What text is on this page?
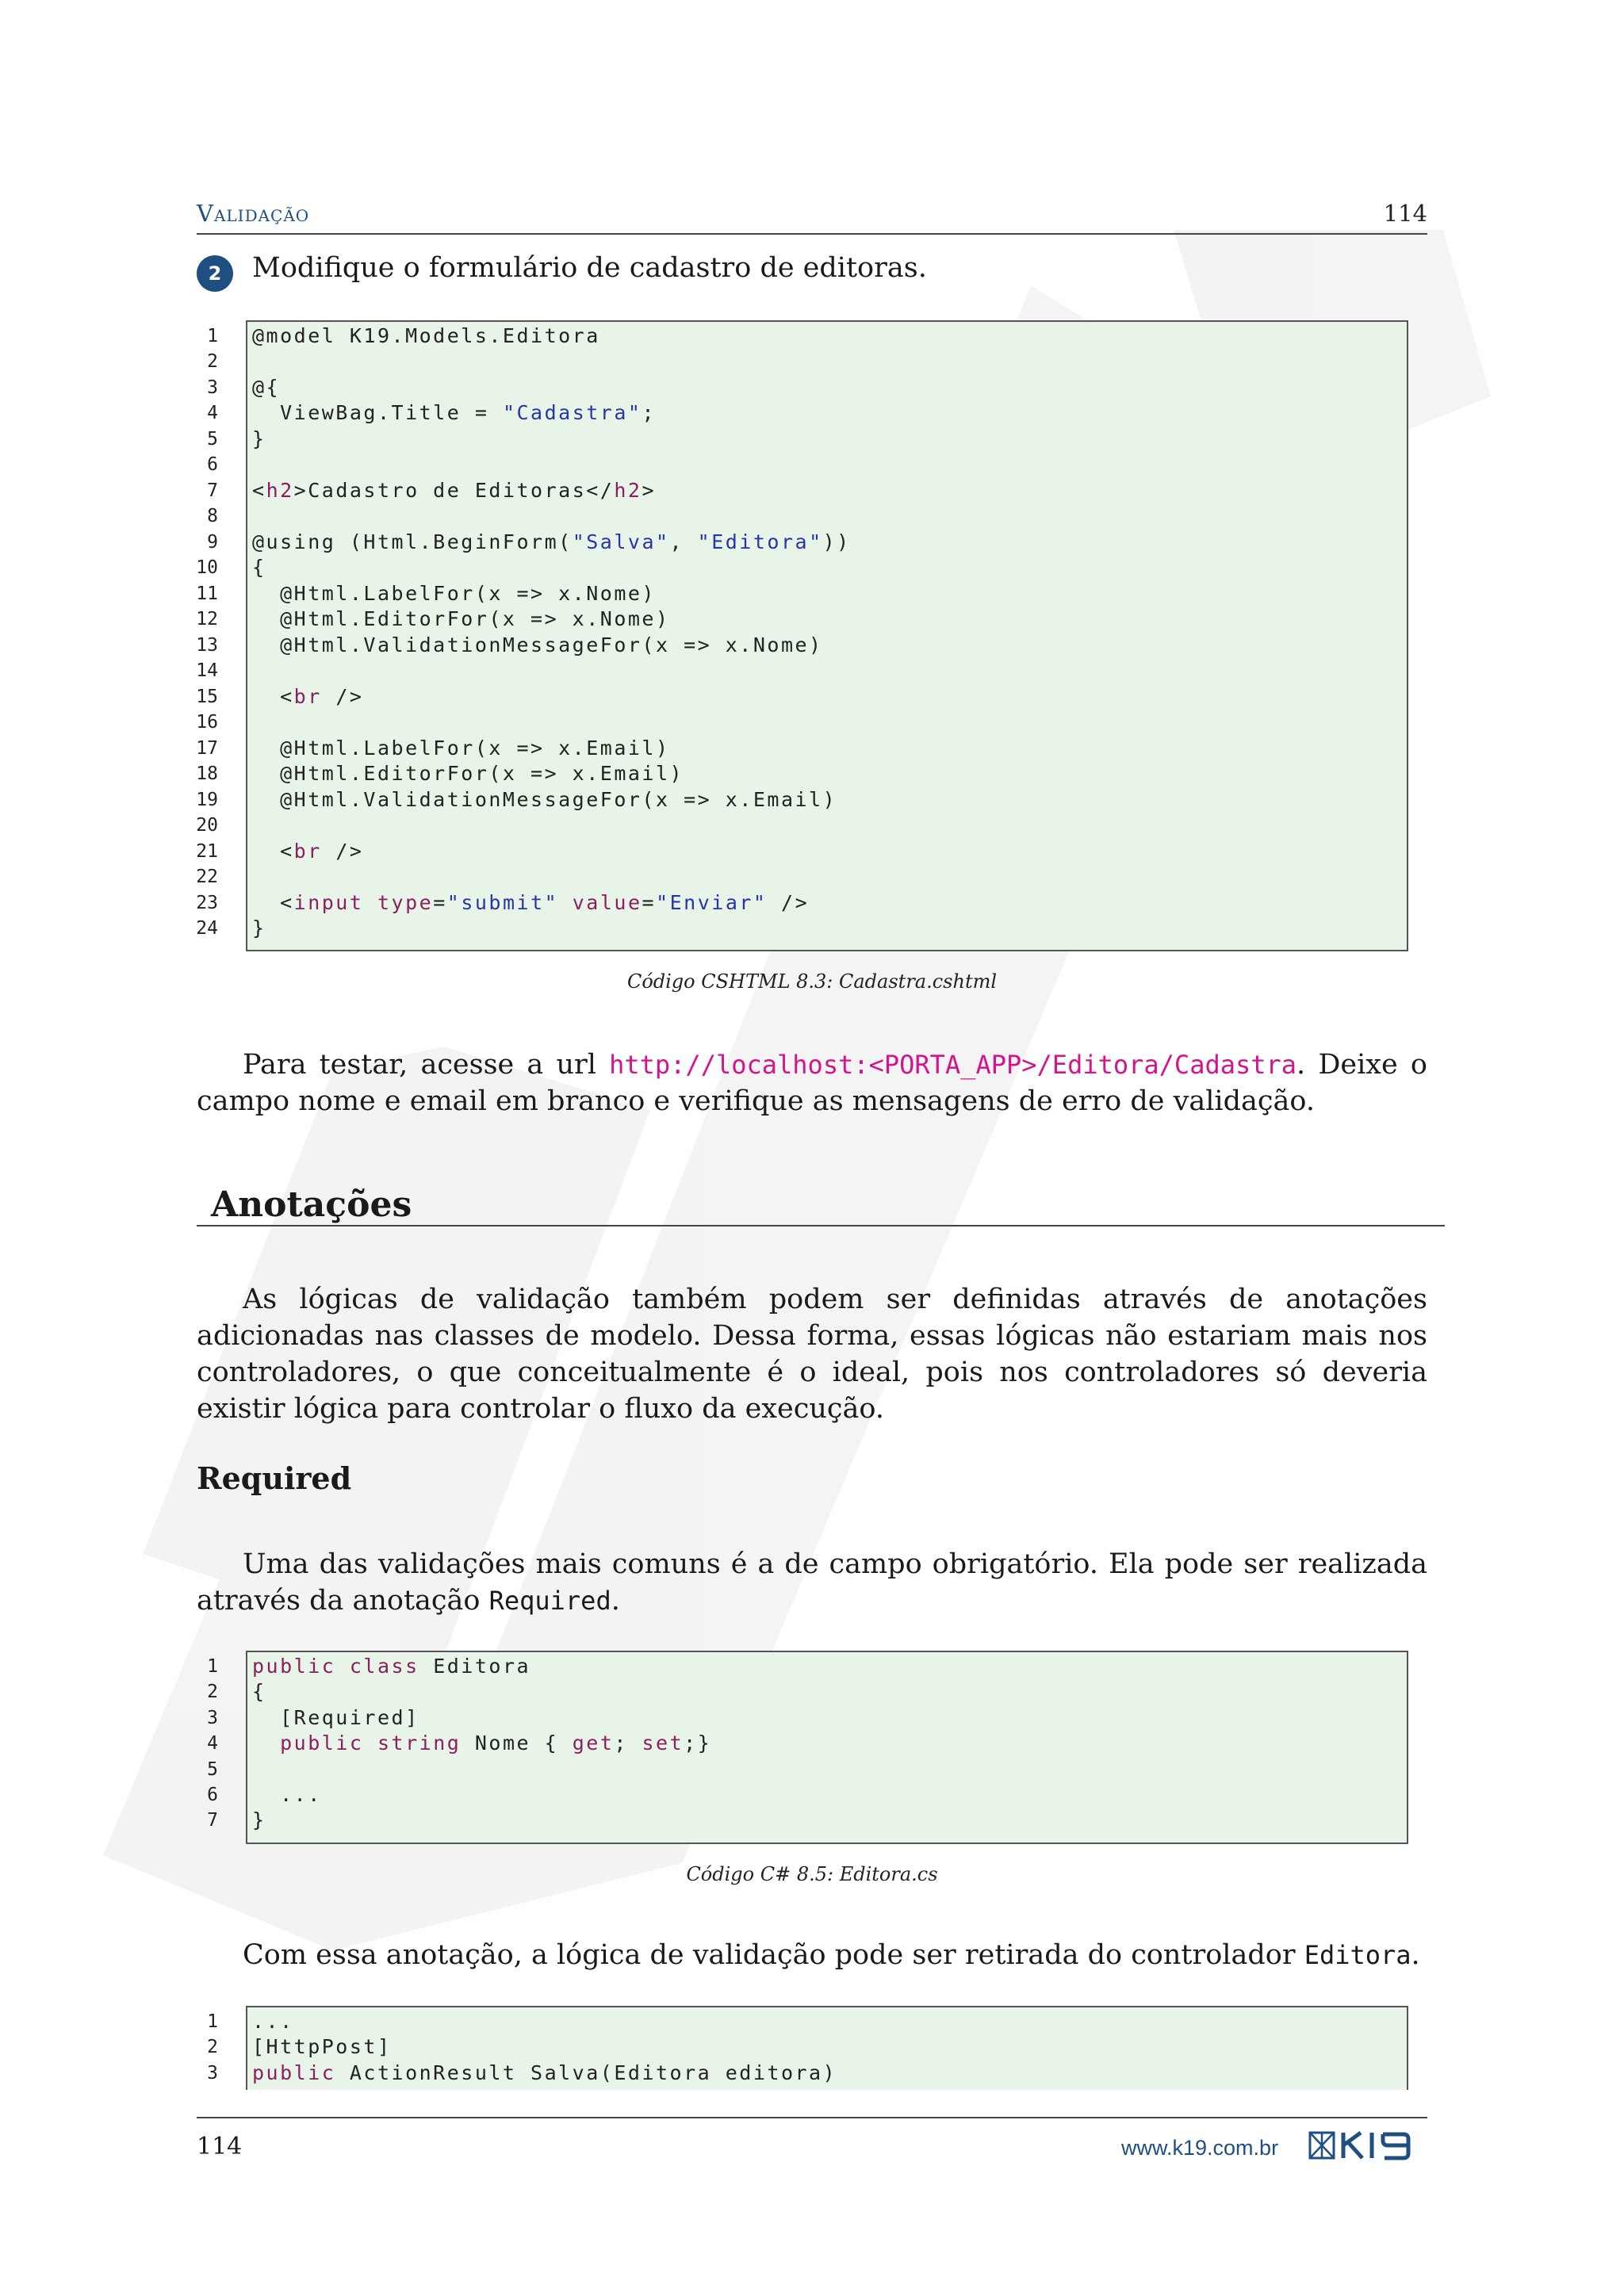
Validação	114
2	Modifique o formulário de cadastro de editoras.
@model K19.Models.Editora
@{
ViewBag.Title = "Cadastra";
}
<h2>Cadastro de Editoras</h2>
@using (Html.BeginForm("Salva", "Editora"))
{
@Html.LabelFor(x => x.Nome)
@Html.EditorFor(x => x.Nome)
@Html.ValidationMessageFor(x => x.Nome)
<br />
@Html.LabelFor(x => x.Email)
@Html.EditorFor(x => x.Email)
@Html.ValidationMessageFor(x => x.Email)
<br />
<input type="submit" value="Enviar" />
}
1
2
3
4
5
6
7
8
9
10
11
12
13
14
15
16
17
18
19
20
21
22
23
24
Código CSHTML 8.3: Cadastra.cshtml
Para testar, acesse a url http://localhost:<PORTA_APP>/Editora/Cadastra. Deixe o campo nome e email em branco e verifique as mensagens de erro de validação.
Anotações
As lógicas de validação também podem ser definidas através de anotações adicionadas nas classes de modelo. Dessa forma, essas lógicas não estariam mais nos controladores, o que conceitualmente é o ideal, pois nos controladores só deveria existir lógica para controlar o fluxo da execução.
Required
Uma das validações mais comuns é a de campo obrigatório. Ela pode ser realizada através da anotação Required.
public class Editora
{
[Required]
public string Nome { get; set;}
...
}
1
2
3
4
5
6
7
Código C# 8.5: Editora.cs
Com essa anotação, a lógica de validação pode ser retirada do controlador Editora.
...
[HttpPost]
public ActionResult Salva(Editora editora)
1
2
3
114	www.k19.com.br
